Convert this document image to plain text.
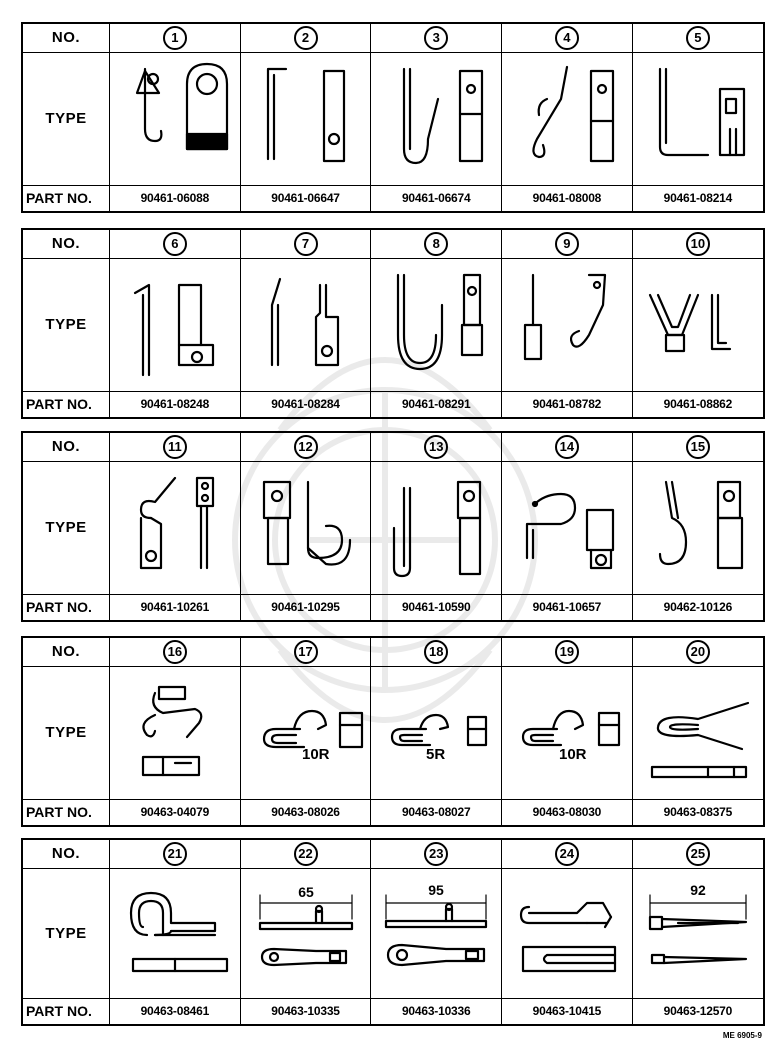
NO.	1	2	3	4	5
TYPE	

PART NO.	90461-06088	90461-06647	90461-06674	90461-08008	90461-08214
NO.	6	7	8	9	10
TYPE	

PART NO.	90461-08248	90461-08284	90461-08291	90461-08782	90461-08862
NO.	11	12	13	14	15
TYPE	

PART NO.	90461-10261	90461-10295	90461-10590	90461-10657	90462-10126
NO.	16	17	18	19	20
TYPE		10R	5R	10R

PART NO.	90463-04079	90463-08026	90463-08027	90463-08030	90463-08375
NO.	21	22	23	24	25
TYPE		65	95		92

PART NO.	90463-08461	90463-10335	90463-10336	90463-10415	90463-12570
ME 6905-9
